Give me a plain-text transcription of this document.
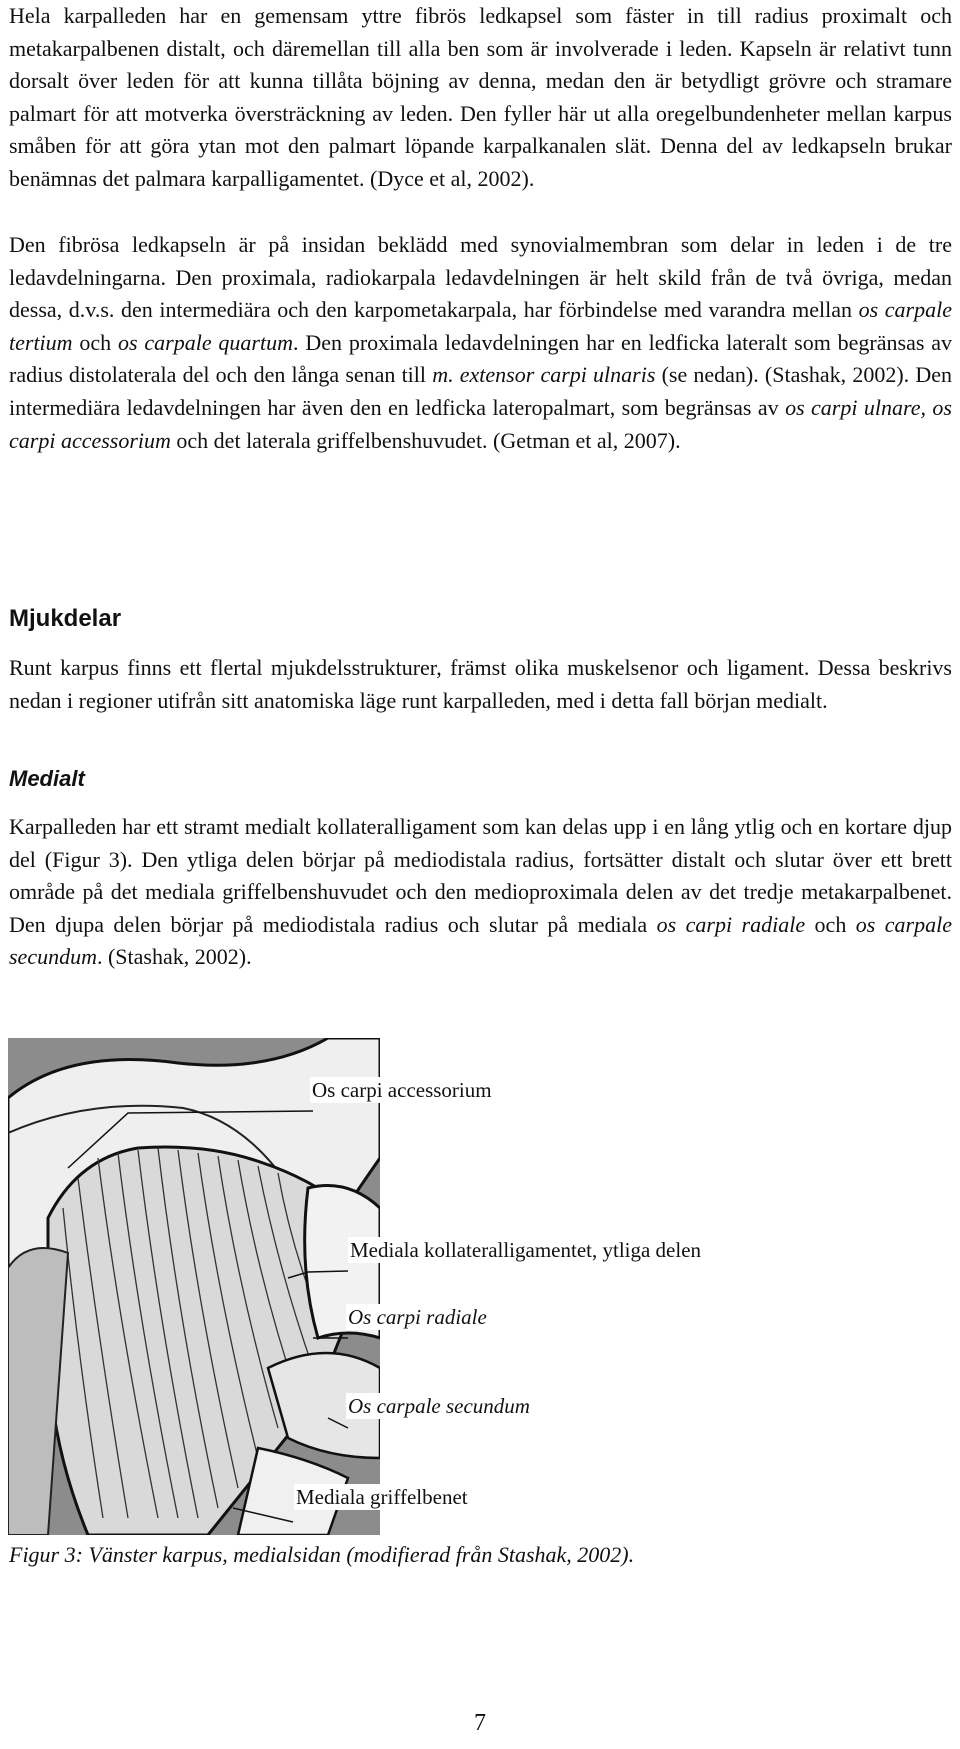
Hela karpalleden har en gemensam yttre fibrös ledkapsel som fäster in till radius proximalt och metakarpalbenen distalt, och däremellan till alla ben som är involverade i leden. Kapseln är relativt tunn dorsalt över leden för att kunna tillåta böjning av denna, medan den är betydligt grövre och stramare palmart för att motverka översträckning av leden. Den fyller här ut alla oregelbundenheter mellan karpus småben för att göra ytan mot den palmart löpande karpalkanalen slät. Denna del av ledkapseln brukar benämnas det palmara karpalligamentet. (Dyce et al, 2002).

Den fibrösa ledkapseln är på insidan beklädd med synovialmembran som delar in leden i de tre ledavdelningarna. Den proximala, radiokarpala ledavdelningen är helt skild från de två övriga, medan dessa, d.v.s. den intermediära och den karpometakarpala, har förbindelse med varandra mellan os carpale tertium och os carpale quartum. Den proximala ledavdelningen har en ledficka lateralt som begränsas av radius distolaterala del och den långa senan till m. extensor carpi ulnaris (se nedan). (Stashak, 2002). Den intermediära ledavdelningen har även den en ledficka lateropalmart, som begränsas av os carpi ulnare, os carpi accessorium och det laterala griffelbenshuvudet. (Getman et al, 2007).

Mjukdelar

Runt karpus finns ett flertal mjukdelsstrukturer, främst olika muskelsenor och ligament. Dessa beskrivs nedan i regioner utifrån sitt anatomiska läge runt karpalleden, med i detta fall början medialt.

Medialt

Karpalleden har ett stramt medialt kollateralligament som kan delas upp i en lång ytlig och en kortare djup del (Figur 3). Den ytliga delen börjar på mediodistala radius, fortsätter distalt och slutar över ett brett område på det mediala griffelbenshuvudet och den medioproximala delen av det tredje metakarpalbenet. Den djupa delen börjar på mediodistala radius och slutar på mediala os carpi radiale och os carpale secundum. (Stashak, 2002).

Os carpi accessorium
Mediala kollateralligamentet, ytliga delen
Os carpi radiale
Os carpale secundum
Mediala griffelbenet

Figur 3: Vänster karpus, medialsidan (modifierad från Stashak, 2002).

7
